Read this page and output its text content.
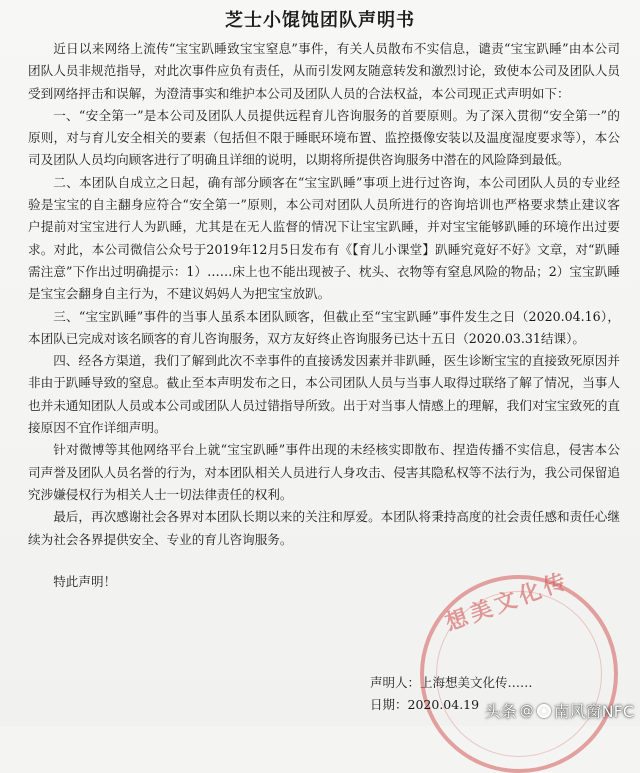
芝士小馄饨团队声明书

近日以来网络上流传“宝宝趴睡致宝宝窒息”事件，有关人员散布不实信息，谴责“宝宝趴睡”由本公司团队人员非规范指导，对此次事件应负有责任，从而引发网友随意转发和激烈讨论，致使本公司及团队人员受到网络抨击和误解，为澄清事实和维护本公司及团队人员的合法权益，本公司现正式声明如下：

一、“安全第一”是本公司及团队人员提供远程育儿咨询服务的首要原则。为了深入贯彻“安全第一”的原则，对与育儿安全相关的要素（包括但不限于睡眠环境布置、监控摄像安装以及温度湿度要求等），本公司及团队人员均向顾客进行了明确且详细的说明，以期将所提供咨询服务中潜在的风险降到最低。

二、本团队自成立之日起，确有部分顾客在“宝宝趴睡”事项上进行过咨询，本公司团队人员的专业经验是宝宝的自主翻身应符合“安全第一”原则，本公司对团队人员所进行的咨询培训也严格要求禁止建议客户提前对宝宝进行人为趴睡，尤其是在无人监督的情况下让宝宝趴睡，并对宝宝能够趴睡的环境作出过要求。对此，本公司微信公众号于2019年12月5日发布有《【育儿小课堂】趴睡究竟好不好》文章，对“趴睡需注意”下作出过明确提示：1）……床上也不能出现被子、枕头、衣物等有窒息风险的物品；2）宝宝趴睡是宝宝会翻身自主行为，不建议妈妈人为把宝宝放趴。

三、“宝宝趴睡”事件的当事人虽系本团队顾客，但截止至“宝宝趴睡”事件发生之日（2020.04.16），本团队已完成对该名顾客的育儿咨询服务，双方友好终止咨询服务已达十五日（2020.03.31结课）。

四、经各方渠道，我们了解到此次不幸事件的直接诱发因素并非趴睡，医生诊断宝宝的直接致死原因并非由于趴睡导致的窒息。截止至本声明发布之日，本公司团队人员与当事人取得过联络了解了情况，当事人也并未通知团队人员或本公司或团队人员过错指导所致。出于对当事人情感上的理解，我们对宝宝致死的直接原因不宜作详细声明。

针对微博等其他网络平台上就“宝宝趴睡”事件出现的未经核实即散布、捏造传播不实信息，侵害本公司声誉及团队人员名誉的行为，对本团队相关人员进行人身攻击、侵害其隐私权等不法行为，我公司保留追究涉嫌侵权行为相关人士一切法律责任的权利。

最后，再次感谢社会各界对本团队长期以来的关注和厚爱。本团队将秉持高度的社会责任感和责任心继续为社会各界提供安全、专业的育儿咨询服务。

特此声明！	想美文化传
声明人：上海想美文化传……
日期：2020.04.19 头条 @ 南风窗NFC
